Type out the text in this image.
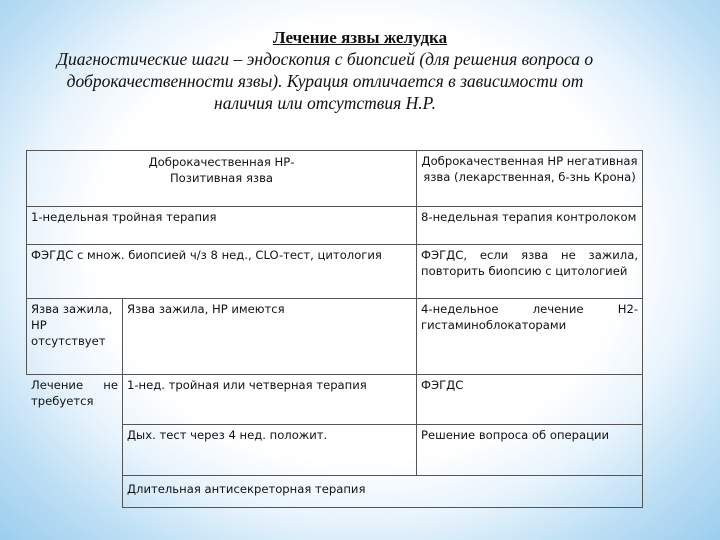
Лечение язвы желудка
Диагностические шаги – эндоскопия с биопсией (для решения вопроса о доброкачественности язвы). Курация отличается в зависимости от наличия или отсутствия Н.Р.
Доброкачественная НР-
Позитивная язва		Доброкачественная НР негативная язва (лекарственная, б-знь Крона)
1-недельная тройная терапия		8-недельная терапия контролоком
ФЭГДС с множ. биопсией ч/з 8 нед., CLO-тест, цитология		ФЭГДС, если язва не зажила, повторить биопсию с цитологией
Язва зажила, НР отсутствует	Язва зажила, НР имеются	4-недельное лечение Н2-гистаминоблокаторами
Лечение не требуется	1-нед. тройная или четверная терапия	ФЭГДС
	Дых. тест через 4 нед. положит.	Решение вопроса об операции
	Длительная антисекреторная терапия	
